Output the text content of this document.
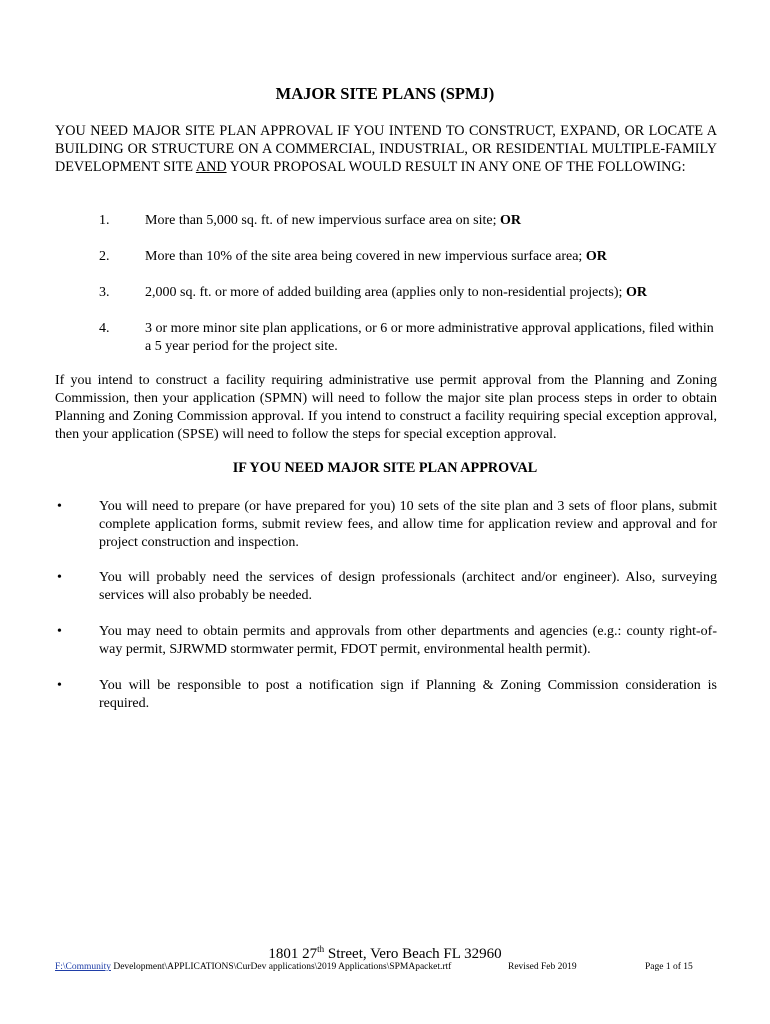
MAJOR SITE PLANS (SPMJ)
YOU NEED MAJOR SITE PLAN APPROVAL IF YOU INTEND TO CONSTRUCT, EXPAND, OR LOCATE A BUILDING OR STRUCTURE ON A COMMERCIAL, INDUSTRIAL, OR RESIDENTIAL MULTIPLE-FAMILY DEVELOPMENT SITE AND YOUR PROPOSAL WOULD RESULT IN ANY ONE OF THE FOLLOWING:
1.	More than 5,000 sq. ft. of new impervious surface area on site; OR
2.	More than 10% of the site area being covered in new impervious surface area; OR
3.	2,000 sq. ft. or more of added building area (applies only to non-residential projects); OR
4.	3 or more minor site plan applications, or 6 or more administrative approval applications, filed within a 5 year period for the project site.
If you intend to construct a facility requiring administrative use permit approval from the Planning and Zoning Commission, then your application (SPMN) will need to follow the major site plan process steps in order to obtain Planning and Zoning Commission approval. If you intend to construct a facility requiring special exception approval, then your application (SPSE) will need to follow the steps for special exception approval.
IF YOU NEED MAJOR SITE PLAN APPROVAL
•	You will need to prepare (or have prepared for you) 10 sets of the site plan and 3 sets of floor plans, submit complete application forms, submit review fees, and allow time for application review and approval and for project construction and inspection.
•	You will probably need the services of design professionals (architect and/or engineer). Also, surveying services will also probably be needed.
•	You may need to obtain permits and approvals from other departments and agencies (e.g.: county right-of-way permit, SJRWMD stormwater permit, FDOT permit, environmental health permit).
•	You will be responsible to post a notification sign if Planning & Zoning Commission consideration is required.
1801 27th Street, Vero Beach FL 32960
F:\Community Development\APPLICATIONS\CurDev applications\2019 Applications\SPMApacket.rtf	Revised Feb 2019	Page 1 of 15
